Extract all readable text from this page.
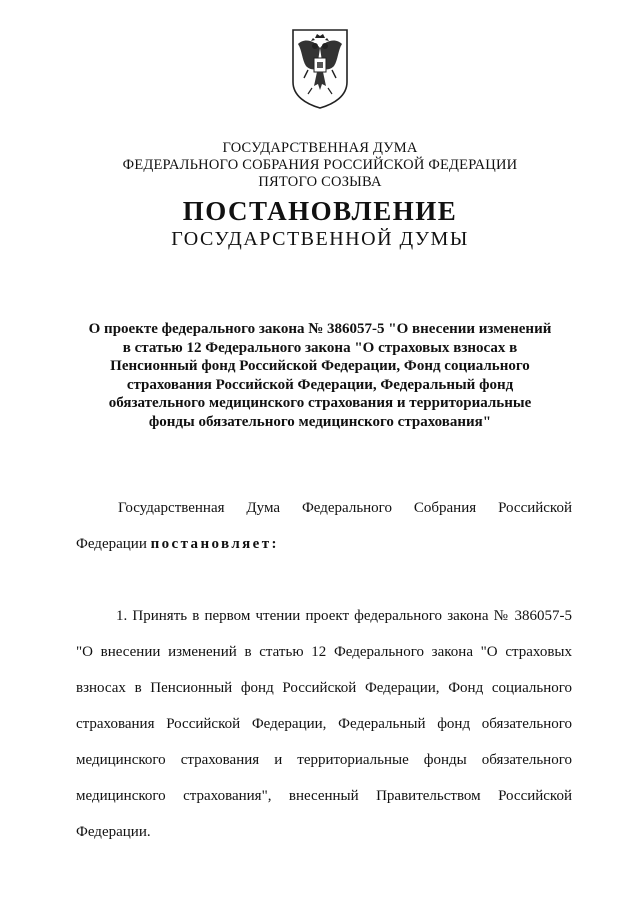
ГОСУДАРСТВЕННАЯ ДУМА
ФЕДЕРАЛЬНОГО СОБРАНИЯ РОССИЙСКОЙ ФЕДЕРАЦИИ
ПЯТОГО СОЗЫВА
ПОСТАНОВЛЕНИЕ
ГОСУДАРСТВЕННОЙ ДУМЫ
О проекте федерального закона № 386057-5 "О внесении изменений
в статью 12 Федерального закона "О страховых взносах в
Пенсионный фонд Российской Федерации, Фонд социального
страхования Российской Федерации, Федеральный фонд
обязательного медицинского страхования и территориальные
фонды обязательного медицинского страхования"
Государственная Дума Федерального Собрания Российской
Федерации постановляет:
1. Принять в первом чтении проект федерального закона № 386057-5
"О внесении изменений в статью 12 Федерального закона "О страховых
взносах в Пенсионный фонд Российской Федерации, Фонд социального
страхования Российской Федерации, Федеральный фонд обязательного
медицинского страхования и территориальные фонды обязательного
медицинского страхования", внесенный Правительством Российской
Федерации.
